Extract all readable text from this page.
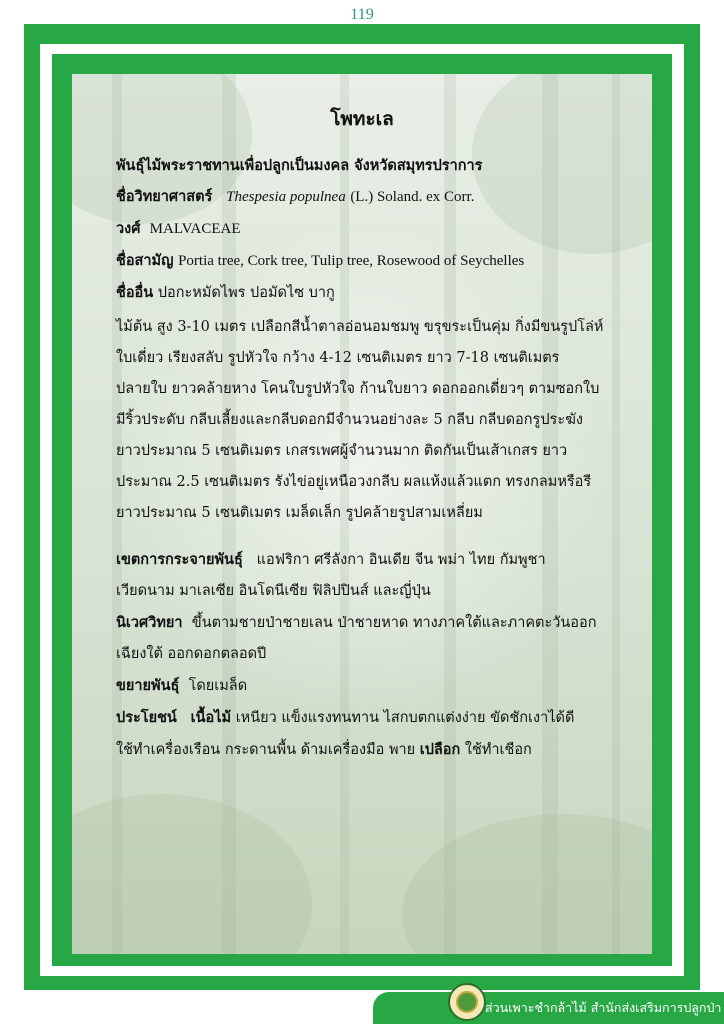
119
โพทะเล
พันธุ์ไม้พระราชทานเพื่อปลูกเป็นมงคล จังหวัดสมุทรปราการ
ชื่อวิทยาศาสตร์ Thespesia populnea (L.) Soland. ex Corr.
วงศ์ MALVACEAE
ชื่อสามัญ Portia tree, Cork tree, Tulip tree, Rosewood of Seychelles
ชื่ออื่น ปอกะหมัดไพร ปอมัดไซ บากู
ไม้ต้น สูง 3-10 เมตร เปลือกสีน้ำตาลอ่อนอมชมพู ขรุขระเป็นคุ่ม กิ่งมีขนรูปโล่ห์
ใบเดี่ยว เรียงสลับ รูปหัวใจ กว้าง 4-12 เซนติเมตร ยาว 7-18 เซนติเมตร
ปลายใบ ยาวคล้ายหาง โคนใบรูปหัวใจ ก้านใบยาว ดอกออกเดี่ยวๆ ตามซอกใบ
มีริ้วประดับ กลีบเลี้ยงและกลีบดอกมีจำนวนอย่างละ 5 กลีบ กลีบดอกรูประฆัง
ยาวประมาณ 5 เซนติเมตร เกสรเพศผู้จำนวนมาก ติดกันเป็นเส้าเกสร ยาว
ประมาณ 2.5 เซนติเมตร รังไข่อยู่เหนือวงกลีบ ผลแห้งแล้วแตก ทรงกลมหรือรี
ยาวประมาณ 5 เซนติเมตร เมล็ดเล็ก รูปคล้ายรูปสามเหลี่ยม
เขตการกระจายพันธุ์ แอฟริกา ศรีลังกา อินเดีย จีน พม่า ไทย กัมพูชา
เวียดนาม มาเลเซีย อินโดนีเซีย ฟิลิปปินส์ และญี่ปุ่น
นิเวศวิทยา ขึ้นตามชายป่าชายเลน ป่าชายหาด ทางภาคใต้และภาคตะวันออก
เฉียงใต้ ออกดอกตลอดปี
ขยายพันธุ์ โดยเมล็ด
ประโยชน์ เนื้อไม้ เหนียว แข็งแรงทนทาน ไสกบตกแต่งง่าย ขัดชักเงาได้ดี
ใช้ทำเครื่องเรือน กระดานพื้น ด้ามเครื่องมือ พาย เปลือก ใช้ทำเชือก
ส่วนเพาะชำกล้าไม้ สำนักส่งเสริมการปลูกป่า
